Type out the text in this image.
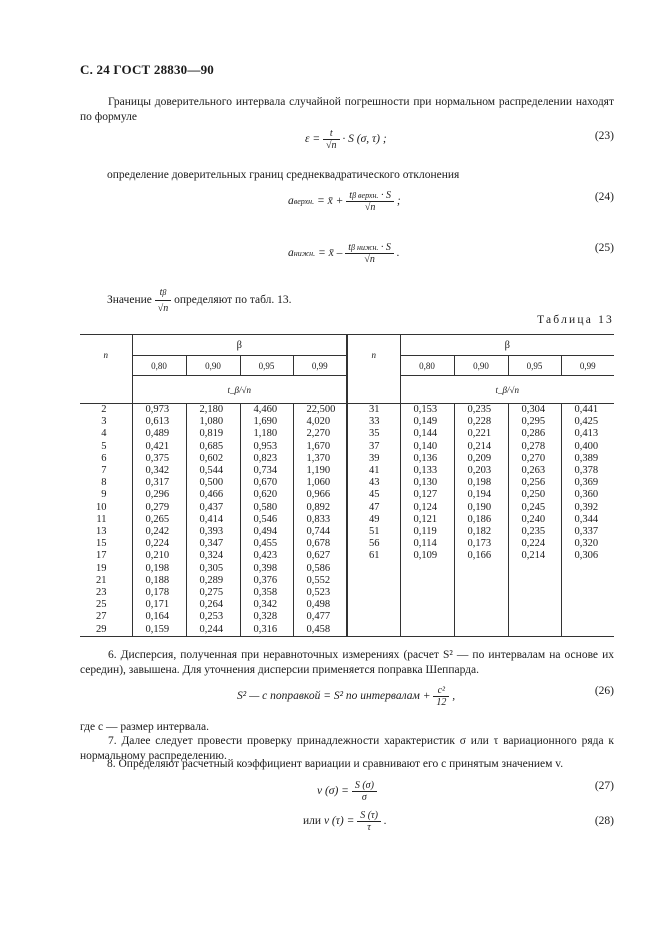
С. 24 ГОСТ 28830—90
Границы доверительного интервала случайной погрешности при нормальном распределении находят по формуле
$\varepsilon = \frac{t}{√n} \cdot S$ (σ, τ) ;	(23)
определение доверительных границ среднеквадратического отклонения
aверхн. = x̄ + $\frac{\text{tβ верхн. · S}}{√n}$ ;	(24)
aнижн. = x̄ – $\frac{\text{tβ нижн. · S}}{√n}$ .	(25)
Значение $\frac{t\beta}{√n}$ определяют по табл. 13.
Таблица 13
n	β				n	β			
	0,80	0,90	0,95	0,99		0,80	0,90	0,95	0,99
	t_β/√n					t_β/√n			
2	0,973	2,180	4,460	22,500	31	0,153	0,235	0,304	0,441
3	0,613	1,080	1,690	4,020	33	0,149	0,228	0,295	0,425
4	0,489	0,819	1,180	2,270	35	0,144	0,221	0,286	0,413
5	0,421	0,685	0,953	1,670	37	0,140	0,214	0,278	0,400
6	0,375	0,602	0,823	1,370	39	0,136	0,209	0,270	0,389
7	0,342	0,544	0,734	1,190	41	0,133	0,203	0,263	0,378
8	0,317	0,500	0,670	1,060	43	0,130	0,198	0,256	0,369
9	0,296	0,466	0,620	0,966	45	0,127	0,194	0,250	0,360
10	0,279	0,437	0,580	0,892	47	0,124	0,190	0,245	0,392
11	0,265	0,414	0,546	0,833	49	0,121	0,186	0,240	0,344
13	0,242	0,393	0,494	0,744	51	0,119	0,182	0,235	0,337
15	0,224	0,347	0,455	0,678	56	0,114	0,173	0,224	0,320
17	0,210	0,324	0,423	0,627	61	0,109	0,166	0,214	0,306
19	0,198	0,305	0,398	0,586					
21	0,188	0,289	0,376	0,552					
23	0,178	0,275	0,358	0,523					
25	0,171	0,264	0,342	0,498					
27	0,164	0,253	0,328	0,477					
29	0,159	0,244	0,316	0,458					
6. Дисперсия, полученная при неравноточных измерениях (расчет S² — по интервалам на основе их середин), завышена. Для уточнения дисперсии применяется поправка Шеппарда.
S² — с поправкой = S² по интервалам + $\frac{\text{c²}}{12}$ ,	(26)
где c — размер интервала.
7. Далее следует провести проверку принадлежности характеристик σ или τ вариационного ряда к нормальному распределению.
8. Определяют расчетный коэффициент вариации и сравнивают его с принятым значением v.
v $(\sigma) = \frac{S (\sigma)}{\sigma}$	(27)
или v $(\tau) = \frac{S (\tau)}{\tau}$ .	(28)
